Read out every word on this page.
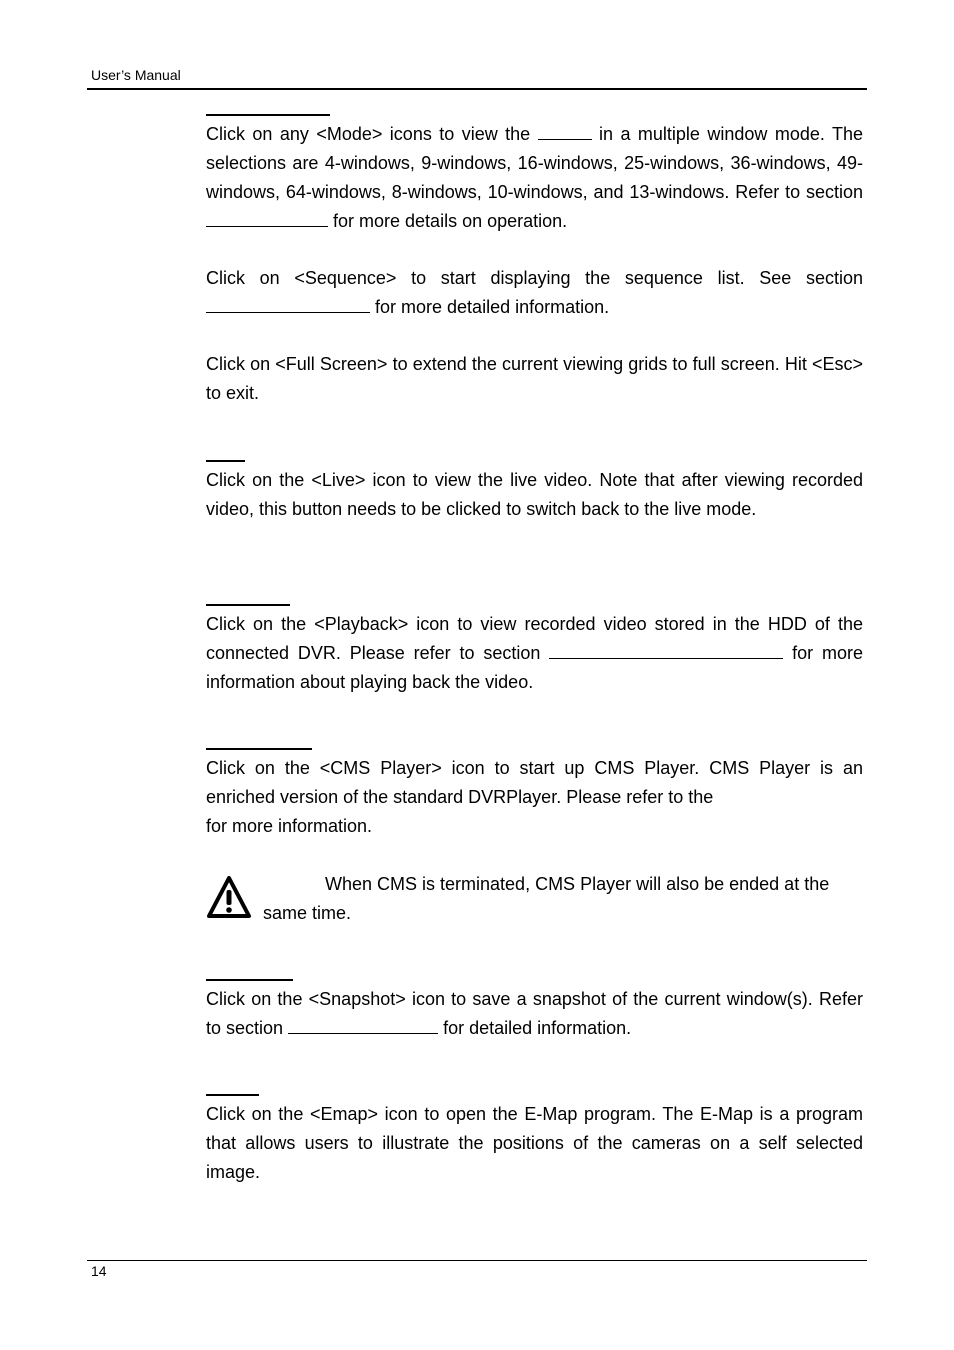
User’s Manual

Click on any <Mode> icons to view the	in a multiple window mode. The selections are 4-windows, 9-windows, 16-windows, 25-windows, 36-windows, 49-windows, 64-windows, 8-windows, 10-windows, and 13-windows. Refer to section  for more details on operation.

Click on <Sequence> to start displaying the sequence list. See section  for more detailed information.

Click on <Full Screen> to extend the current viewing grids to full screen. Hit <Esc> to exit.

Click on the <Live> icon to view the live video. Note that after viewing recorded video, this button needs to be clicked to switch back to the live mode.

Click on the <Playback> icon to view recorded video stored in the HDD of the connected DVR. Please refer to section	for more information about playing back the video.

Click on the <CMS Player> icon to start up CMS Player. CMS Player is an
enriched version of the standard DVRPlayer. Please refer to the
for more information.

When CMS is terminated, CMS Player will also be ended at the same time.

Click on the <Snapshot> icon to save a snapshot of the current window(s). Refer to section	for detailed information.

Click on the <Emap> icon to open the E-Map program. The E-Map is a program that allows users to illustrate the positions of the cameras on a self selected image.

14
